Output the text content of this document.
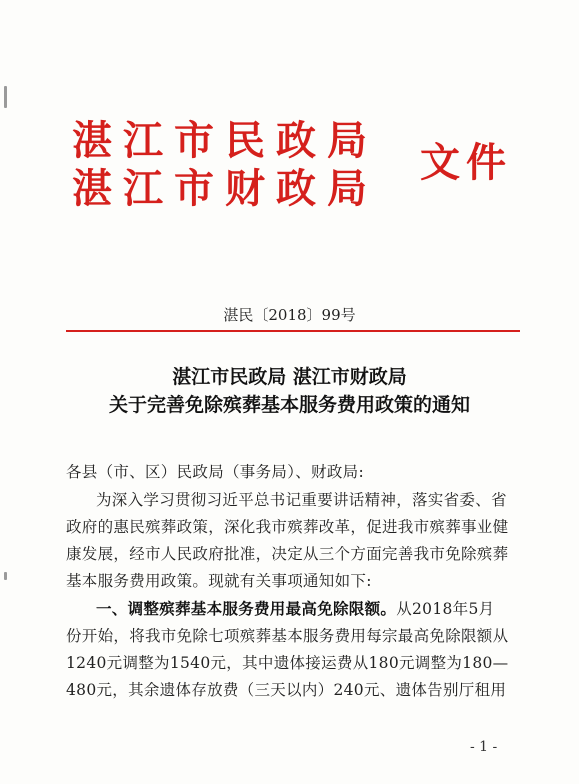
湛江市民政局
湛江市财政局
文件
湛民〔2018〕99号
湛江市民政局 湛江市财政局
关于完善免除殡葬基本服务费用政策的通知
各县（市、区）民政局（事务局）、财政局:
为深入学习贯彻习近平总书记重要讲话精神，落实省委、省
政府的惠民殡葬政策，深化我市殡葬改革，促进我市殡葬事业健
康发展，经市人民政府批准，决定从三个方面完善我市免除殡葬
基本服务费用政策。现就有关事项通知如下:
一、调整殡葬基本服务费用最高免除限额。从2018年5月
份开始，将我市免除七项殡葬基本服务费用每宗最高免除限额从
1240元调整为1540元，其中遗体接运费从180元调整为180—
480元，其余遗体存放费（三天以内）240元、遗体告别厅租用
- 1 -
